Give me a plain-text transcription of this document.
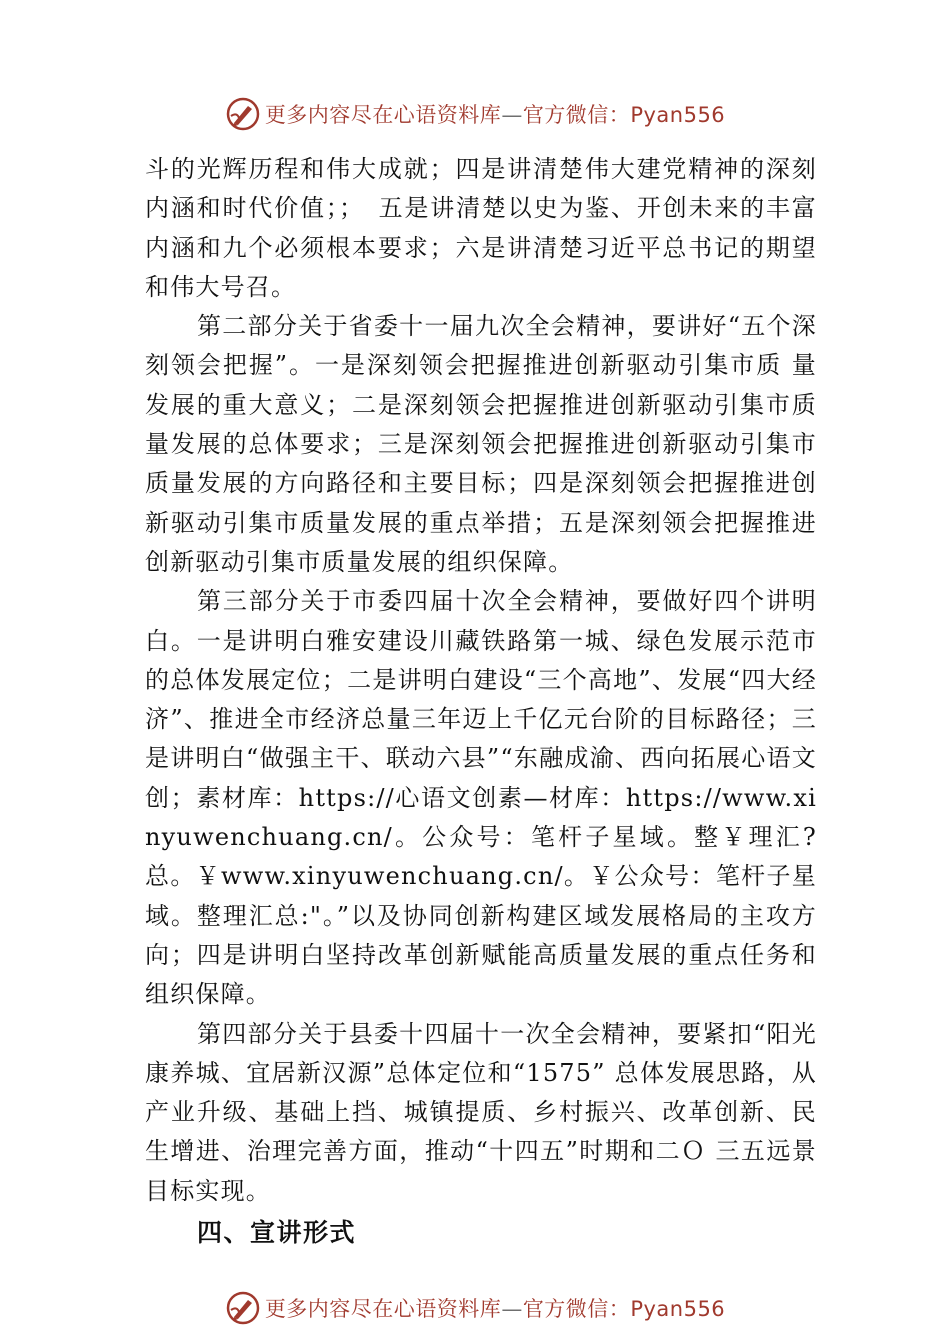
更多内容尽在心语资料库—官方微信：Pyan556

斗的光辉历程和伟大成就；四是讲清楚伟大建党精神的深刻内涵和时代价值；；　五是讲清楚以史为鉴、开创未来的丰富内涵和九个必须根本要求；六是讲清楚习近平总书记的期望和伟大号召。

第二部分关于省委十一届九次全会精神，要讲好“五个深刻领会把握”。一是深刻领会把握推进创新驱动引集市质 量发展的重大意义；二是深刻领会把握推进创新驱动引集市质量发展的总体要求；三是深刻领会把握推进创新驱动引集市质量发展的方向路径和主要目标；四是深刻领会把握推进创新驱动引集市质量发展的重点举措；五是深刻领会把握推进创新驱动引集市质量发展的组织保障。

第三部分关于市委四届十次全会精神，要做好四个讲明白。一是讲明白雅安建设川藏铁路第一城、绿色发展示范市的总体发展定位；二是讲明白建设“三个高地”、发展“四大经济”、推进全市经济总量三年迈上千亿元台阶的目标路径；三是讲明白“做强主干、联动六县”“东融成渝、西向拓展心语文创；素材库：https://心语文创素—材库：https://www.xinyuwenchuang.cn/。公众号：笔杆子星域。整￥理汇?总。￥www.xinyuwenchuang.cn/。￥公众号：笔杆子星域。整理汇总:"。”以及协同创新构建区域发展格局的主攻方向；四是讲明白坚持改革创新赋能高质量发展的重点任务和组织保障。

第四部分关于县委十四届十一次全会精神，要紧扣“阳光康养城、宜居新汉源”总体定位和“1575” 总体发展思路，从产业升级、基础上挡、城镇提质、乡村振兴、改革创新、民生增进、治理完善方面，推动“十四五”时期和二Ｏ 三五远景目标实现。

四、宣讲形式

更多内容尽在心语资料库—官方微信：Pyan556
